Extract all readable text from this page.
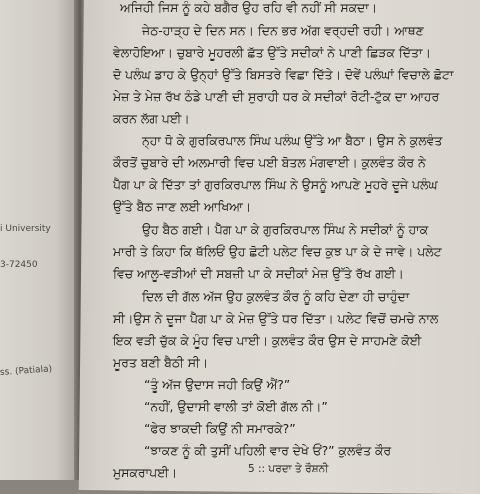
i University
3-72450
ss. (Patiala)
ਅਜਿਹੀ ਜਿਸ ਨੂੰ ਕਹੇ ਬਗੈਰ ਉਹ ਰਹਿ ਵੀ ਨਹੀਂ ਸੀ ਸਕਦਾ।
ਜੇਠ-ਹਾੜ੍ਹ ਦੇ ਦਿਨ ਸਨ। ਦਿਨ ਭਰ ਅੱਗ ਵਰ੍ਹਦੀ ਰਹੀ। ਆਥਣ
ਵੇਲਾਹੋਇਆ। ਚੁਬਾਰੇ ਮੂਹਰਲੀ ਛੱਤ ਉੱਤੇ ਸਦੀਕਾਂ ਨੇ ਪਾਣੀ ਛਿੜਕ ਦਿੱਤਾ।
ਦੋ ਪਲੰਘ ਡਾਹ ਕੇ ਉਨ੍ਹਾਂ ਉੱਤੇ ਬਿਸਤਰੇ ਵਿਛਾ ਦਿੱਤੇ। ਦੋਵੇਂ ਪਲੰਘਾਂ ਵਿਚਾਲੇ ਛੋਟਾ
ਮੇਜ਼ ਤੇ ਮੇਜ਼ ਰੱਖ ਠੰਡੇ ਪਾਣੀ ਦੀ ਸੁਰਾਹੀ ਧਰ ਕੇ ਸਦੀਕਾਂ ਰੋਟੀ-ਟੁੱਕ ਦਾ ਆਹਰ
ਕਰਨ ਲੱਗ ਪਈ।
ਨ੍ਹਾ ਧੋ ਕੇ ਗੁਰਕਿਰਪਾਲ ਸਿੰਘ ਪਲੰਘ ਉੱਤੇ ਆ ਬੈਠਾ। ਉਸ ਨੇ ਕੁਲਵੰਤ
ਕੌਰਤੋਂ ਚੁਬਾਰੇ ਦੀ ਅਲਮਾਰੀ ਵਿਚ ਪਈ ਬੋਤਲ ਮੰਗਵਾਈ। ਕੁਲਵੰਤ ਕੌਰ ਨੇ
ਪੈੱਗ ਪਾ ਕੇ ਦਿੱਤਾ ਤਾਂ ਗੁਰਕਿਰਪਾਲ ਸਿੰਘ ਨੇ ਉਸਨੂੰ ਆਪਣੇ ਮੂਹਰੇ ਦੂਜੇ ਪਲੰਘ
ਉੱਤੇ ਬੈਠ ਜਾਣ ਲਈ ਆਖਿਆ।
ਉਹ ਬੈਠ ਗਈ। ਪੈੱਗ ਪਾ ਕੇ ਗੁਰਕਿਰਪਾਲ ਸਿੰਘ ਨੇ ਸਦੀਕਾਂ ਨੂੰ ਹਾਕ
ਮਾਰੀ ਤੇ ਕਿਹਾ ਕਿ ਥੱਲਿਓਂ ਉਹ ਛੋਟੀ ਪਲੇਟ ਵਿਚ ਕੁਝ ਪਾ ਕੇ ਦੇ ਜਾਵੇ। ਪਲੇਟ
ਵਿਚ ਆਲੂ-ਵੜੀਆਂ ਦੀ ਸਬਜ਼ੀ ਪਾ ਕੇ ਸਦੀਕਾਂ ਮੇਜ਼ ਉੱਤੇ ਰੱਖ ਗਈ।
ਦਿਲ ਦੀ ਗੱਲ ਅੱਜ ਉਹ ਕੁਲਵੰਤ ਕੌਰ ਨੂੰ ਕਹਿ ਦੇਣਾ ਹੀ ਚਾਹੁੰਦਾ
ਸੀ।ਉਸ ਨੇ ਦੂਜਾ ਪੈੱਗ ਪਾ ਕੇ ਮੇਜ਼ ਉੱਤੇ ਧਰ ਦਿੱਤਾ। ਪਲੇਟ ਵਿਚੋਂ ਚਮਚੇ ਨਾਲ
ਇਕ ਵੜੀ ਚੁੱਕ ਕੇ ਮੂੰਹ ਵਿਚ ਪਾਈ। ਕੁਲਵੰਤ ਕੌਰ ਉਸ ਦੇ ਸਾਹਮਣੇ ਕੋਈ
ਮੂਰਤ ਬਣੀ ਬੈਠੀ ਸੀ।
“ਤੂੰ ਅੱਜ ਉਦਾਸ ਜਹੀ ਕਿਉਂ ਐਂ?”
“ਨਹੀਂ, ਉਦਾਸੀ ਵਾਲੀ ਤਾਂ ਕੋਈ ਗੱਲ ਨੀ।”
“ਫੇਰ ਝਾਕਦੀ ਕਿਉਂ ਨੀ ਸਮਾਰਕੇ?”
“ਝਾਕਣ ਨੂੰ ਕੀ ਤੁਸੀਂ ਪਹਿਲੀ ਵਾਰ ਦੇਖੇ ਓਂ?” ਕੁਲਵੰਤ ਕੌਰ
ਮੁਸਕਰਾਪਈ।	5 :: ਪਰਦਾ ਤੇ ਰੌਸ਼ਨੀ
